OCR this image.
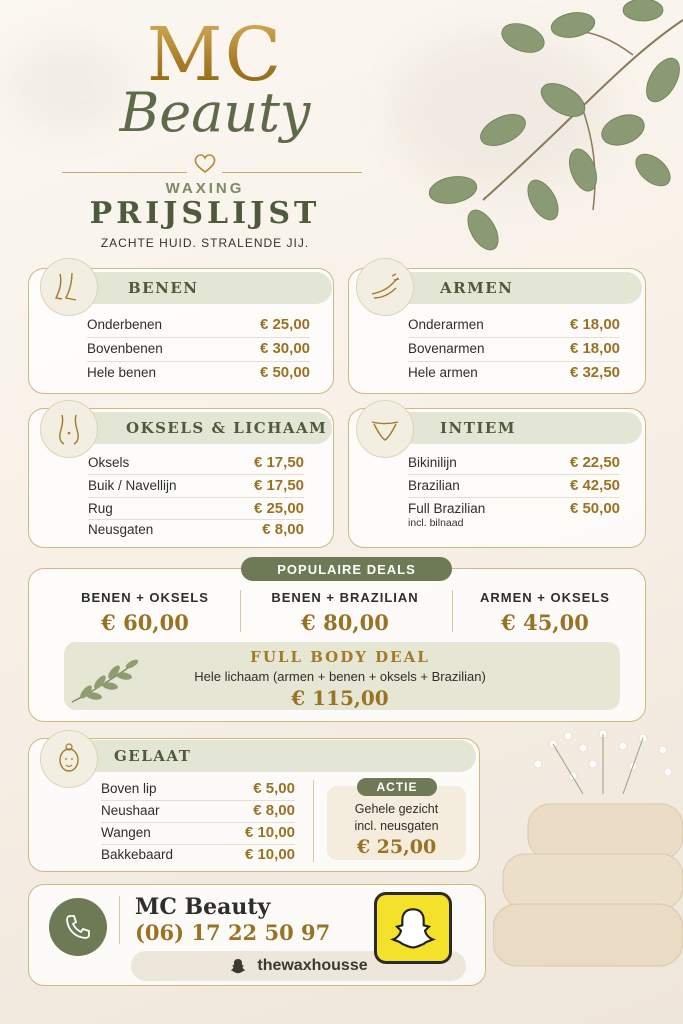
MC
Beauty
WAXING
PRIJSLIJST
ZACHTE HUID. STRALENDE JIJ.
BENEN
Onderbenen	€ 25,00
Bovenbenen	€ 30,00
Hele benen	€ 50,00
ARMEN
Onderarmen	€ 18,00
Bovenarmen	€ 18,00
Hele armen	€ 32,50
OKSELS & LICHAAM
Oksels	€ 17,50
Buik / Navellijn	€ 17,50
Rug	€ 25,00
Neusgaten	€ 8,00
INTIEM
Bikinilijn	€ 22,50
Brazilian	€ 42,50
Full Brazilian	€ 50,00
incl. bilnaad
POPULAIRE DEALS
BENEN + OKSELS
€ 60,00
BENEN + BRAZILIAN
€ 80,00
ARMEN + OKSELS
€ 45,00
FULL BODY DEAL
Hele lichaam (armen + benen + oksels + Brazilian)
€ 115,00
GELAAT
Boven lip	€ 5,00
Neushaar	€ 8,00
Wangen	€ 10,00
Bakkebaard	€ 10,00
ACTIE
Gehele gezicht
incl. neusgaten
€ 25,00
MC Beauty
(06) 17 22 50 97
thewaxhousse
